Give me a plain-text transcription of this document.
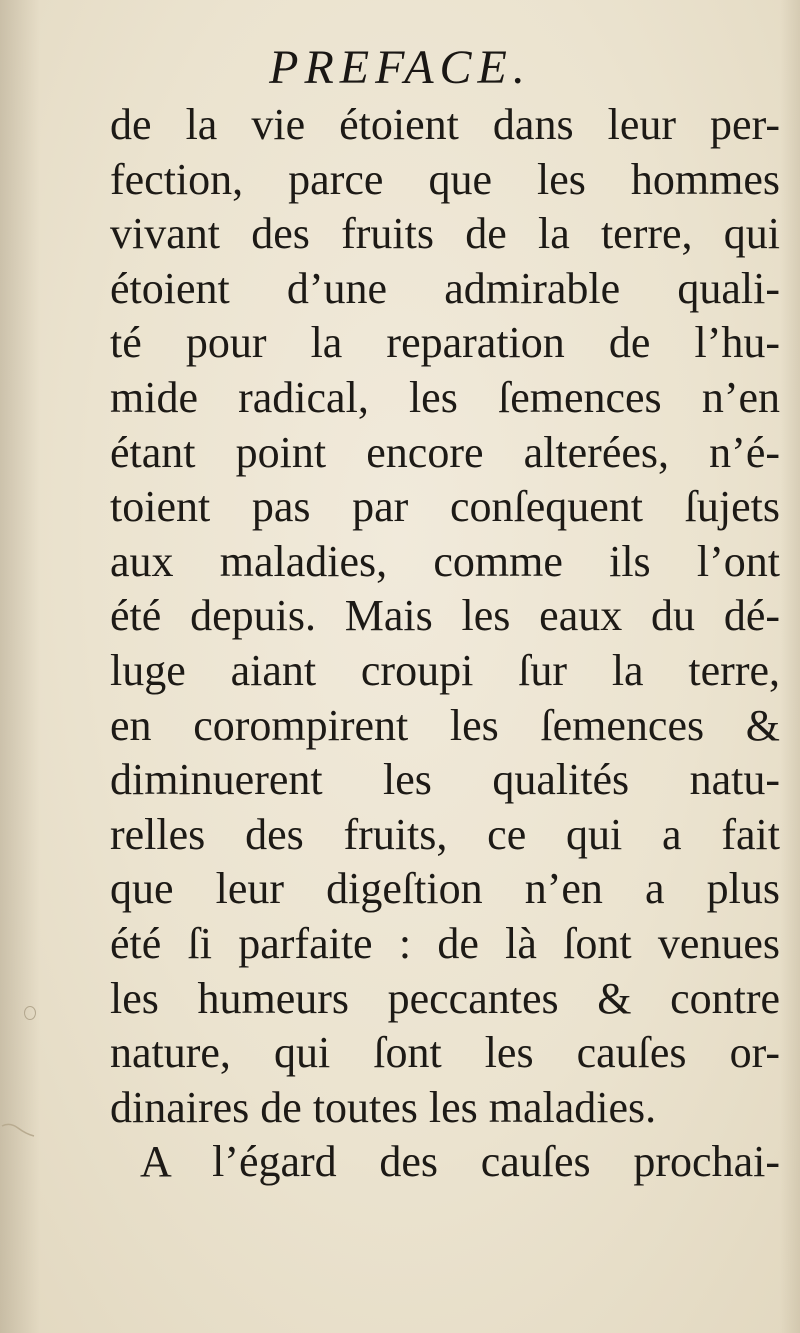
PREFACE.
de la vie étoient dans leur per-
fection, parce que les hommes
vivant des fruits de la terre, qui
étoient d’une admirable quali-
té pour la reparation de l’hu-
mide radical, les ſemences n’en
étant point encore alterées, n’é-
toient pas par conſequent ſujets
aux maladies, comme ils l’ont
été depuis. Mais les eaux du dé-
luge aiant croupi ſur la terre,
en corompirent les ſemences &
diminuerent les qualités natu-
relles des fruits, ce qui a fait
que leur digeſtion n’en a plus
été ſi parfaite : de là ſont venues
les humeurs peccantes & contre
nature, qui ſont les cauſes or-
dinaires de toutes les maladies.
A l’égard des cauſes prochai-
